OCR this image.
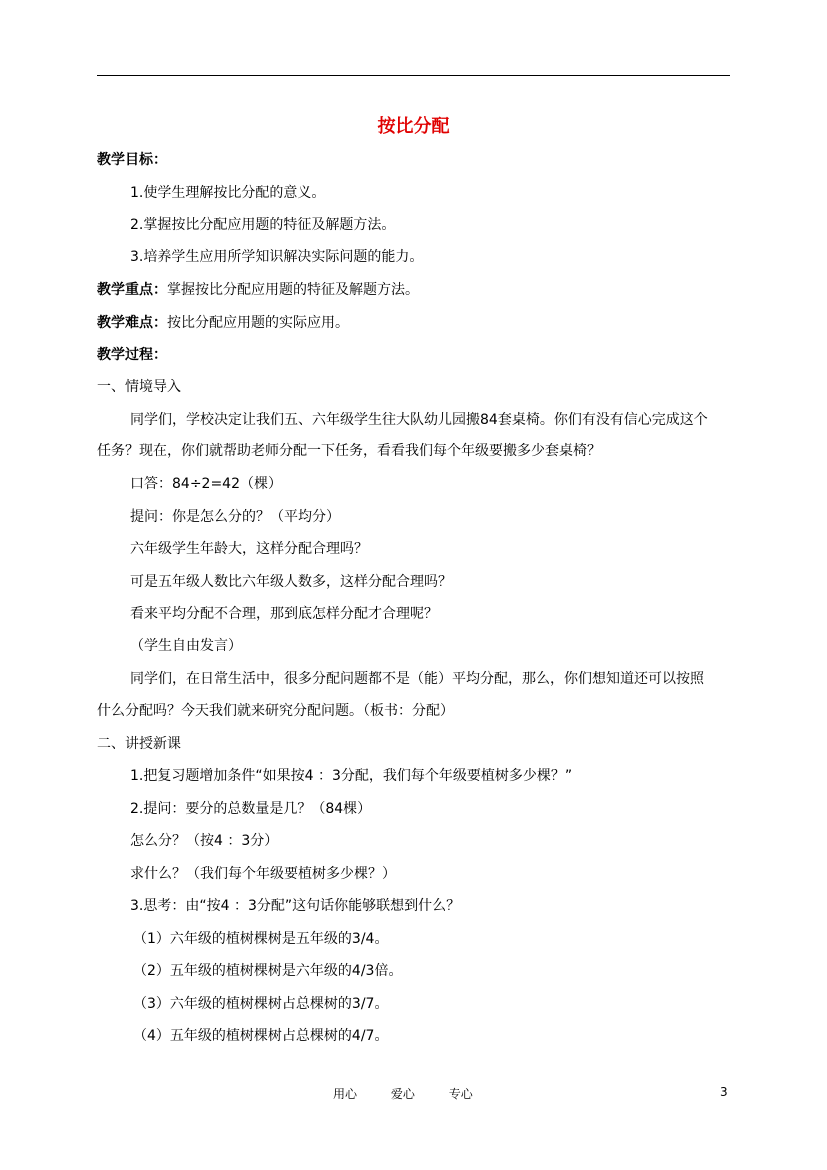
按比分配
教学目标：
1.使学生理解按比分配的意义。
2.掌握按比分配应用题的特征及解题方法。
3.培养学生应用所学知识解决实际问题的能力。
教学重点：掌握按比分配应用题的特征及解题方法。
教学难点：按比分配应用题的实际应用。
教学过程：
一、情境导入
同学们，学校决定让我们五、六年级学生往大队幼儿园搬84套桌椅。你们有没有信心完成这个
任务？现在，你们就帮助老师分配一下任务，看看我们每个年级要搬多少套桌椅？
口答：84÷2=42（棵）
提问：你是怎么分的？（平均分）
六年级学生年龄大，这样分配合理吗？
可是五年级人数比六年级人数多，这样分配合理吗？
看来平均分配不合理，那到底怎样分配才合理呢？
（学生自由发言）
同学们，在日常生活中，很多分配问题都不是（能）平均分配，那么，你们想知道还可以按照
什么分配吗？今天我们就来研究分配问题。（板书：分配）
二、讲授新课
1.把复习题增加条件“如果按4 ：3分配，我们每个年级要植树多少棵？”
2.提问：要分的总数量是几？（84棵）
怎么分？（按4 ：3分）
求什么？（我们每个年级要植树多少棵？）
3.思考：由“按4 ：3分配”这句话你能够联想到什么？
（1）六年级的植树棵树是五年级的3/4。
（2）五年级的植树棵树是六年级的4/3倍。
（3）六年级的植树棵树占总棵树的3/7。
（4）五年级的植树棵树占总棵树的4/7。
用心	爱心	专心	3
